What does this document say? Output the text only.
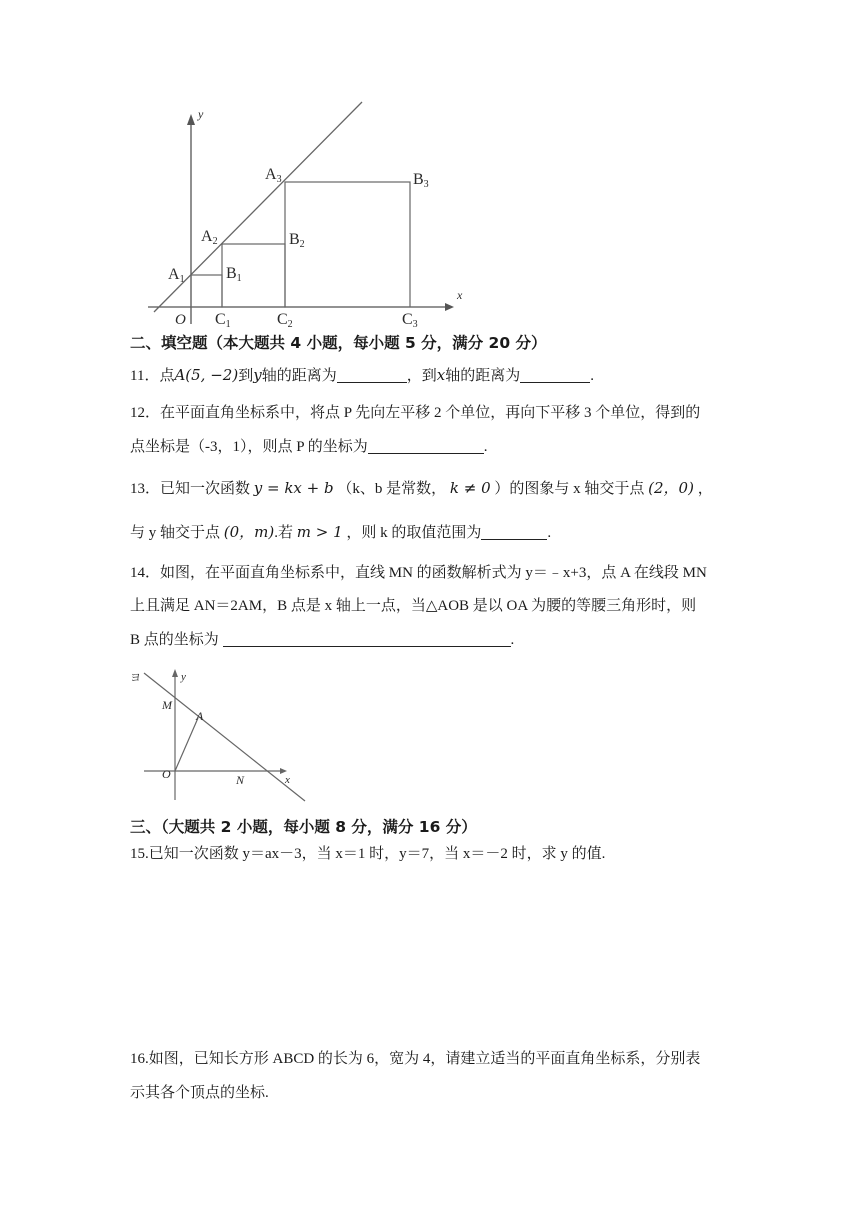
y
x
O
A1
A2
A3
B1
B2
B3
C1	C2	C3
二、填空题（本大题共 4 小题，每小题 5 分，满分 20 分）
11．点A(5, −2)到y轴的距离为	，到x轴的距离为	.
12．在平面直角坐标系中，将点 P 先向左平移 2 个单位，再向下平移 3 个单位，得到的
点坐标是（-3，1），则点 P 的坐标为	.
13．已知一次函数 y = kx + b （k、b 是常数， k ≠ 0 ）的图象与 x 轴交于点 (2，0) ，
与 y 轴交于点 (0，m).若 m > 1 ，则 k 的取值范围为	.
14．如图，在平面直角坐标系中，直线 MN 的函数解析式为 y＝﹣x+3，点 A 在线段 MN
上且满足 AN＝2AM，B 点是 x 轴上一点，当△AOB 是以 OA 为腰的等腰三角形时，则
B 点的坐标为	.
ヨ	y
x
M
A
O	N
三、（大题共 2 小题，每小题 8 分，满分 16 分）
15.已知一次函数 y＝ax－3，当 x＝1 时，y＝7，当 x＝－2 时，求 y 的值.
16.如图，已知长方形 ABCD 的长为 6，宽为 4，请建立适当的平面直角坐标系，分别表
示其各个顶点的坐标.
